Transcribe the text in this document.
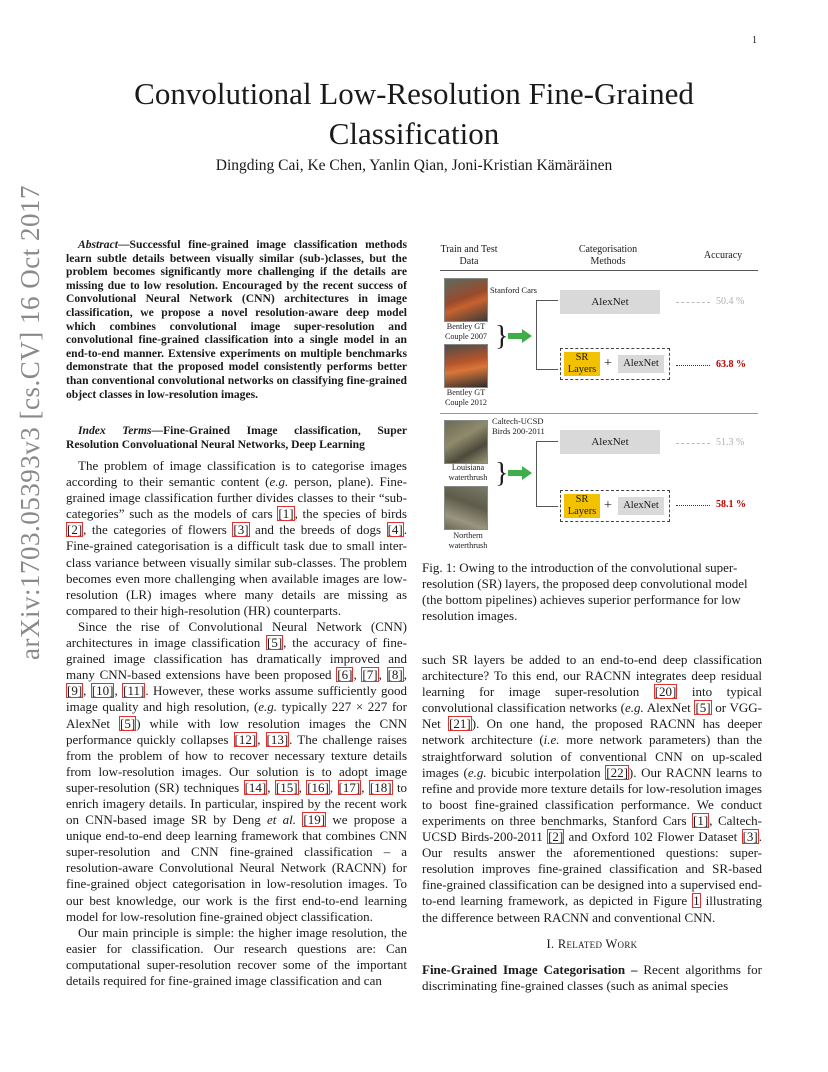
1
Convolutional Low-Resolution Fine-Grained Classification
Dingding Cai, Ke Chen, Yanlin Qian, Joni-Kristian Kämäräinen
arXiv:1703.05393v3 [cs.CV] 16 Oct 2017	Abstract—Successful fine-grained image classification methods learn subtle details between visually similar (sub-)classes, but the problem becomes significantly more challenging if the details are missing due to low resolution. Encouraged by the recent success of Convolutional Neural Network (CNN) architectures in image classification, we propose a novel resolution-aware deep model which combines convolutional image super-resolution and convolutional fine-grained classification into a single model in an end-to-end manner. Extensive experiments on multiple benchmarks demonstrate that the proposed model consistently performs better than conventional convolutional networks on classifying fine-grained object classes in low-resolution images.
Index Terms—Fine-Grained Image classification, Super Resolution Convoluational Neural Networks, Deep Learning

The problem of image classification is to categorise images according to their semantic content (e.g. person, plane). Fine-grained image classification further divides classes to their “sub-categories” such as the models of cars [1], the species of birds [2], the categories of flowers [3] and the breeds of dogs [4]. Fine-grained categorisation is a difficult task due to small inter-class variance between visually similar sub-classes. The problem becomes even more challenging when available images are low-resolution (LR) images where many details are missing as compared to their high-resolution (HR) counterparts.

Since the rise of Convolutional Neural Network (CNN) architectures in image classification [5], the accuracy of fine-grained image classification has dramatically improved and many CNN-based extensions have been proposed [6], [7], [8], [9], [10], [11]. However, these works assume sufficiently good image quality and high resolution, (e.g. typically 227 × 227 for AlexNet [5]) while with low resolution images the CNN performance quickly collapses [12], [13]. The challenge raises from the problem of how to recover necessary texture details from low-resolution images. Our solution is to adopt image super-resolution (SR) techniques [14], [15], [16], [17], [18] to enrich imagery details. In particular, inspired by the recent work on CNN-based image SR by Deng et al. [19] we propose a unique end-to-end deep learning framework that combines CNN super-resolution and CNN fine-grained classification – a resolution-aware Convolutional Neural Network (RACNN) for fine-grained object categorisation in low-resolution images. To our best knowledge, our work is the first end-to-end learning model for low-resolution fine-grained object classification.

Our main principle is simple: the higher image resolution, the easier for classification. Our research questions are: Can computational super-resolution recover some of the important details required for fine-grained image classification and can

Train and Test Data
Categorisation Methods
Accuracy
Stanford Cars
Bentley GT Couple 2007
Bentley GT Couple 2012
}
AlexNet	50.4 %
SR Layers +	AlexNet	63.8 %
Caltech-UCSD Birds 200-2011
Louisiana waterthrush
Northern waterthrush
}
AlexNet	51.3 %
SR Layers +	AlexNet	58.1 %
Fig. 1: Owing to the introduction of the convolutional super-resolution (SR) layers, the proposed deep convolutional model (the bottom pipelines) achieves superior performance for low resolution images.

such SR layers be added to an end-to-end deep classification architecture? To this end, our RACNN integrates deep residual learning for image super-resolution [20] into typical convolutional classification networks (e.g. AlexNet [5] or VGG-Net [21]). On one hand, the proposed RACNN has deeper network architecture (i.e. more network parameters) than the straightforward solution of conventional CNN on up-scaled images (e.g. bicubic interpolation [22]). Our RACNN learns to refine and provide more texture details for low-resolution images to boost fine-grained classification performance. We conduct experiments on three benchmarks, Stanford Cars [1], Caltech-UCSD Birds-200-2011 [2] and Oxford 102 Flower Dataset [3]. Our results answer the aforementioned questions: super-resolution improves fine-grained classification and SR-based fine-grained classification can be designed into a supervised end-to-end learning framework, as depicted in Figure 1 illustrating the difference between RACNN and conventional CNN.

I. Related Work

Fine-Grained Image Categorisation – Recent algorithms for discriminating fine-grained classes (such as animal species
